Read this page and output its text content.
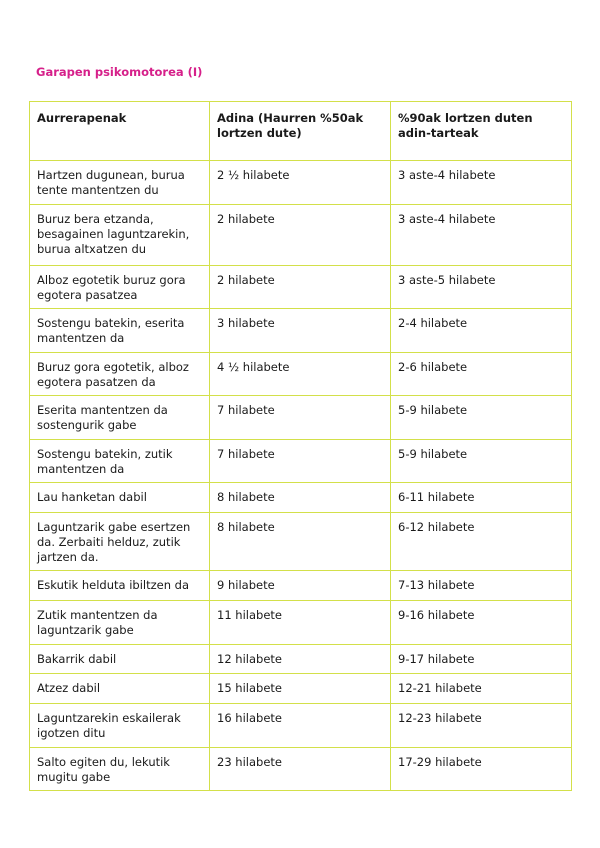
Garapen psikomotorea (I)
Aurrerapenak	Adina (Haurren %50ak lortzen dute)	%90ak lortzen duten adin-tarteak
Hartzen dugunean, burua tente mantentzen du	2 ½ hilabete	3 aste-4 hilabete
Buruz bera etzanda, besagainen laguntzarekin, burua altxatzen du	2 hilabete	3 aste-4 hilabete
Alboz egotetik buruz gora egotera pasatzea	2 hilabete	3 aste-5 hilabete
Sostengu batekin, eserita mantentzen da	3 hilabete	2-4 hilabete
Buruz gora egotetik, alboz egotera pasatzen da	4 ½ hilabete	2-6 hilabete
Eserita mantentzen da sostengurik gabe	7 hilabete	5-9 hilabete
Sostengu batekin, zutik mantentzen da	7 hilabete	5-9 hilabete
Lau hanketan dabil	8 hilabete	6-11 hilabete
Laguntzarik gabe esertzen da. Zerbaiti helduz, zutik jartzen da.	8 hilabete	6-12 hilabete
Eskutik helduta ibiltzen da	9 hilabete	7-13 hilabete
Zutik mantentzen da laguntzarik gabe	11 hilabete	9-16 hilabete
Bakarrik dabil	12 hilabete	9-17 hilabete
Atzez dabil	15 hilabete	12-21 hilabete
Laguntzarekin eskailerak igotzen ditu	16 hilabete	12-23 hilabete
Salto egiten du, lekutik mugitu gabe	23 hilabete	17-29 hilabete
